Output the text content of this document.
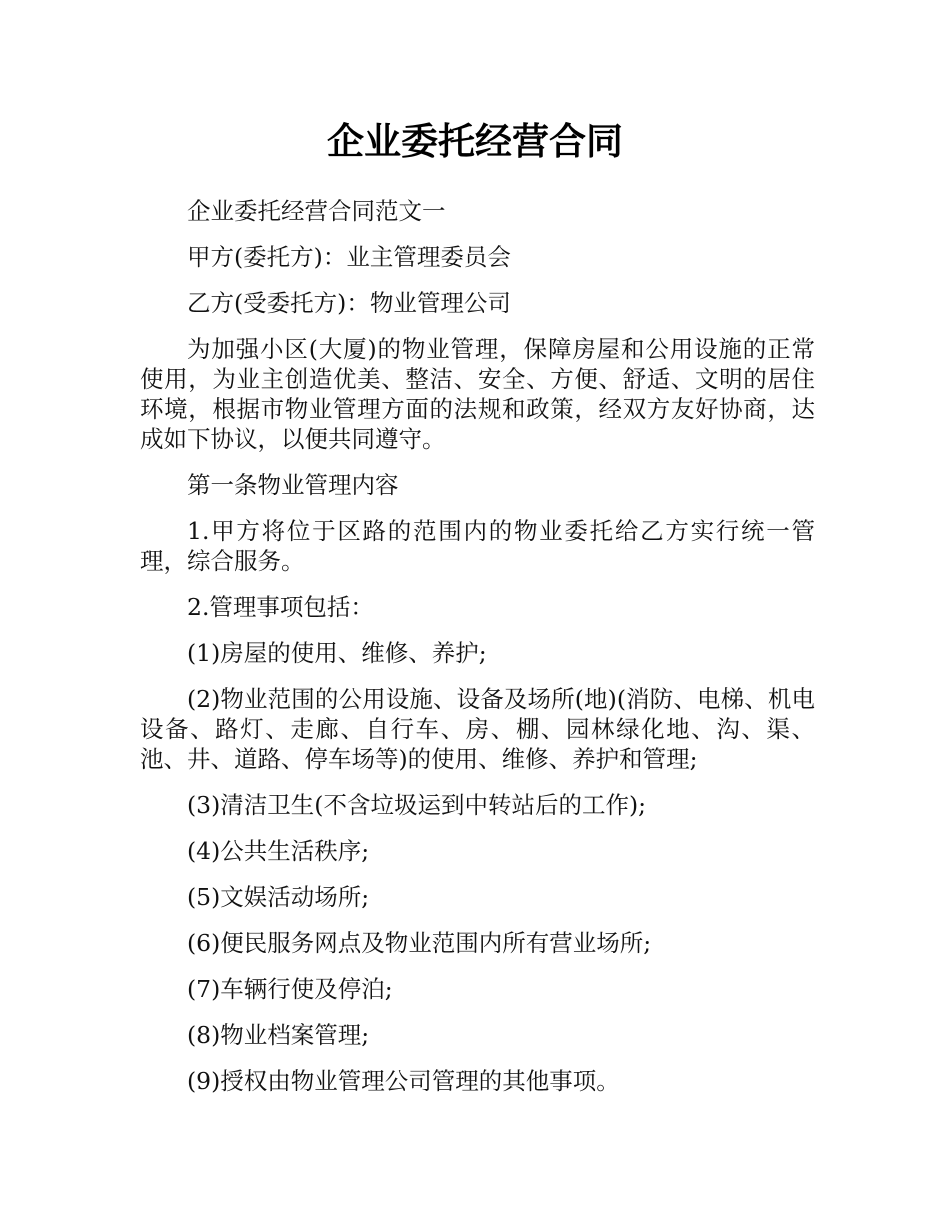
企业委托经营合同

企业委托经营合同范文一

甲方(委托方)：业主管理委员会

乙方(受委托方)：物业管理公司

为加强小区(大厦)的物业管理，保障房屋和公用设施的正常使用，为业主创造优美、整洁、安全、方便、舒适、文明的居住环境，根据市物业管理方面的法规和政策，经双方友好协商，达成如下协议，以便共同遵守。

第一条物业管理内容

1.甲方将位于区路的范围内的物业委托给乙方实行统一管理，综合服务。

2.管理事项包括：

(1)房屋的使用、维修、养护;

(2)物业范围的公用设施、设备及场所(地)(消防、电梯、机电设备、路灯、走廊、自行车、房、棚、园林绿化地、沟、渠、池、井、道路、停车场等)的使用、维修、养护和管理;

(3)清洁卫生(不含垃圾运到中转站后的工作);

(4)公共生活秩序;

(5)文娱活动场所;

(6)便民服务网点及物业范围内所有营业场所;

(7)车辆行使及停泊;

(8)物业档案管理;

(9)授权由物业管理公司管理的其他事项。
